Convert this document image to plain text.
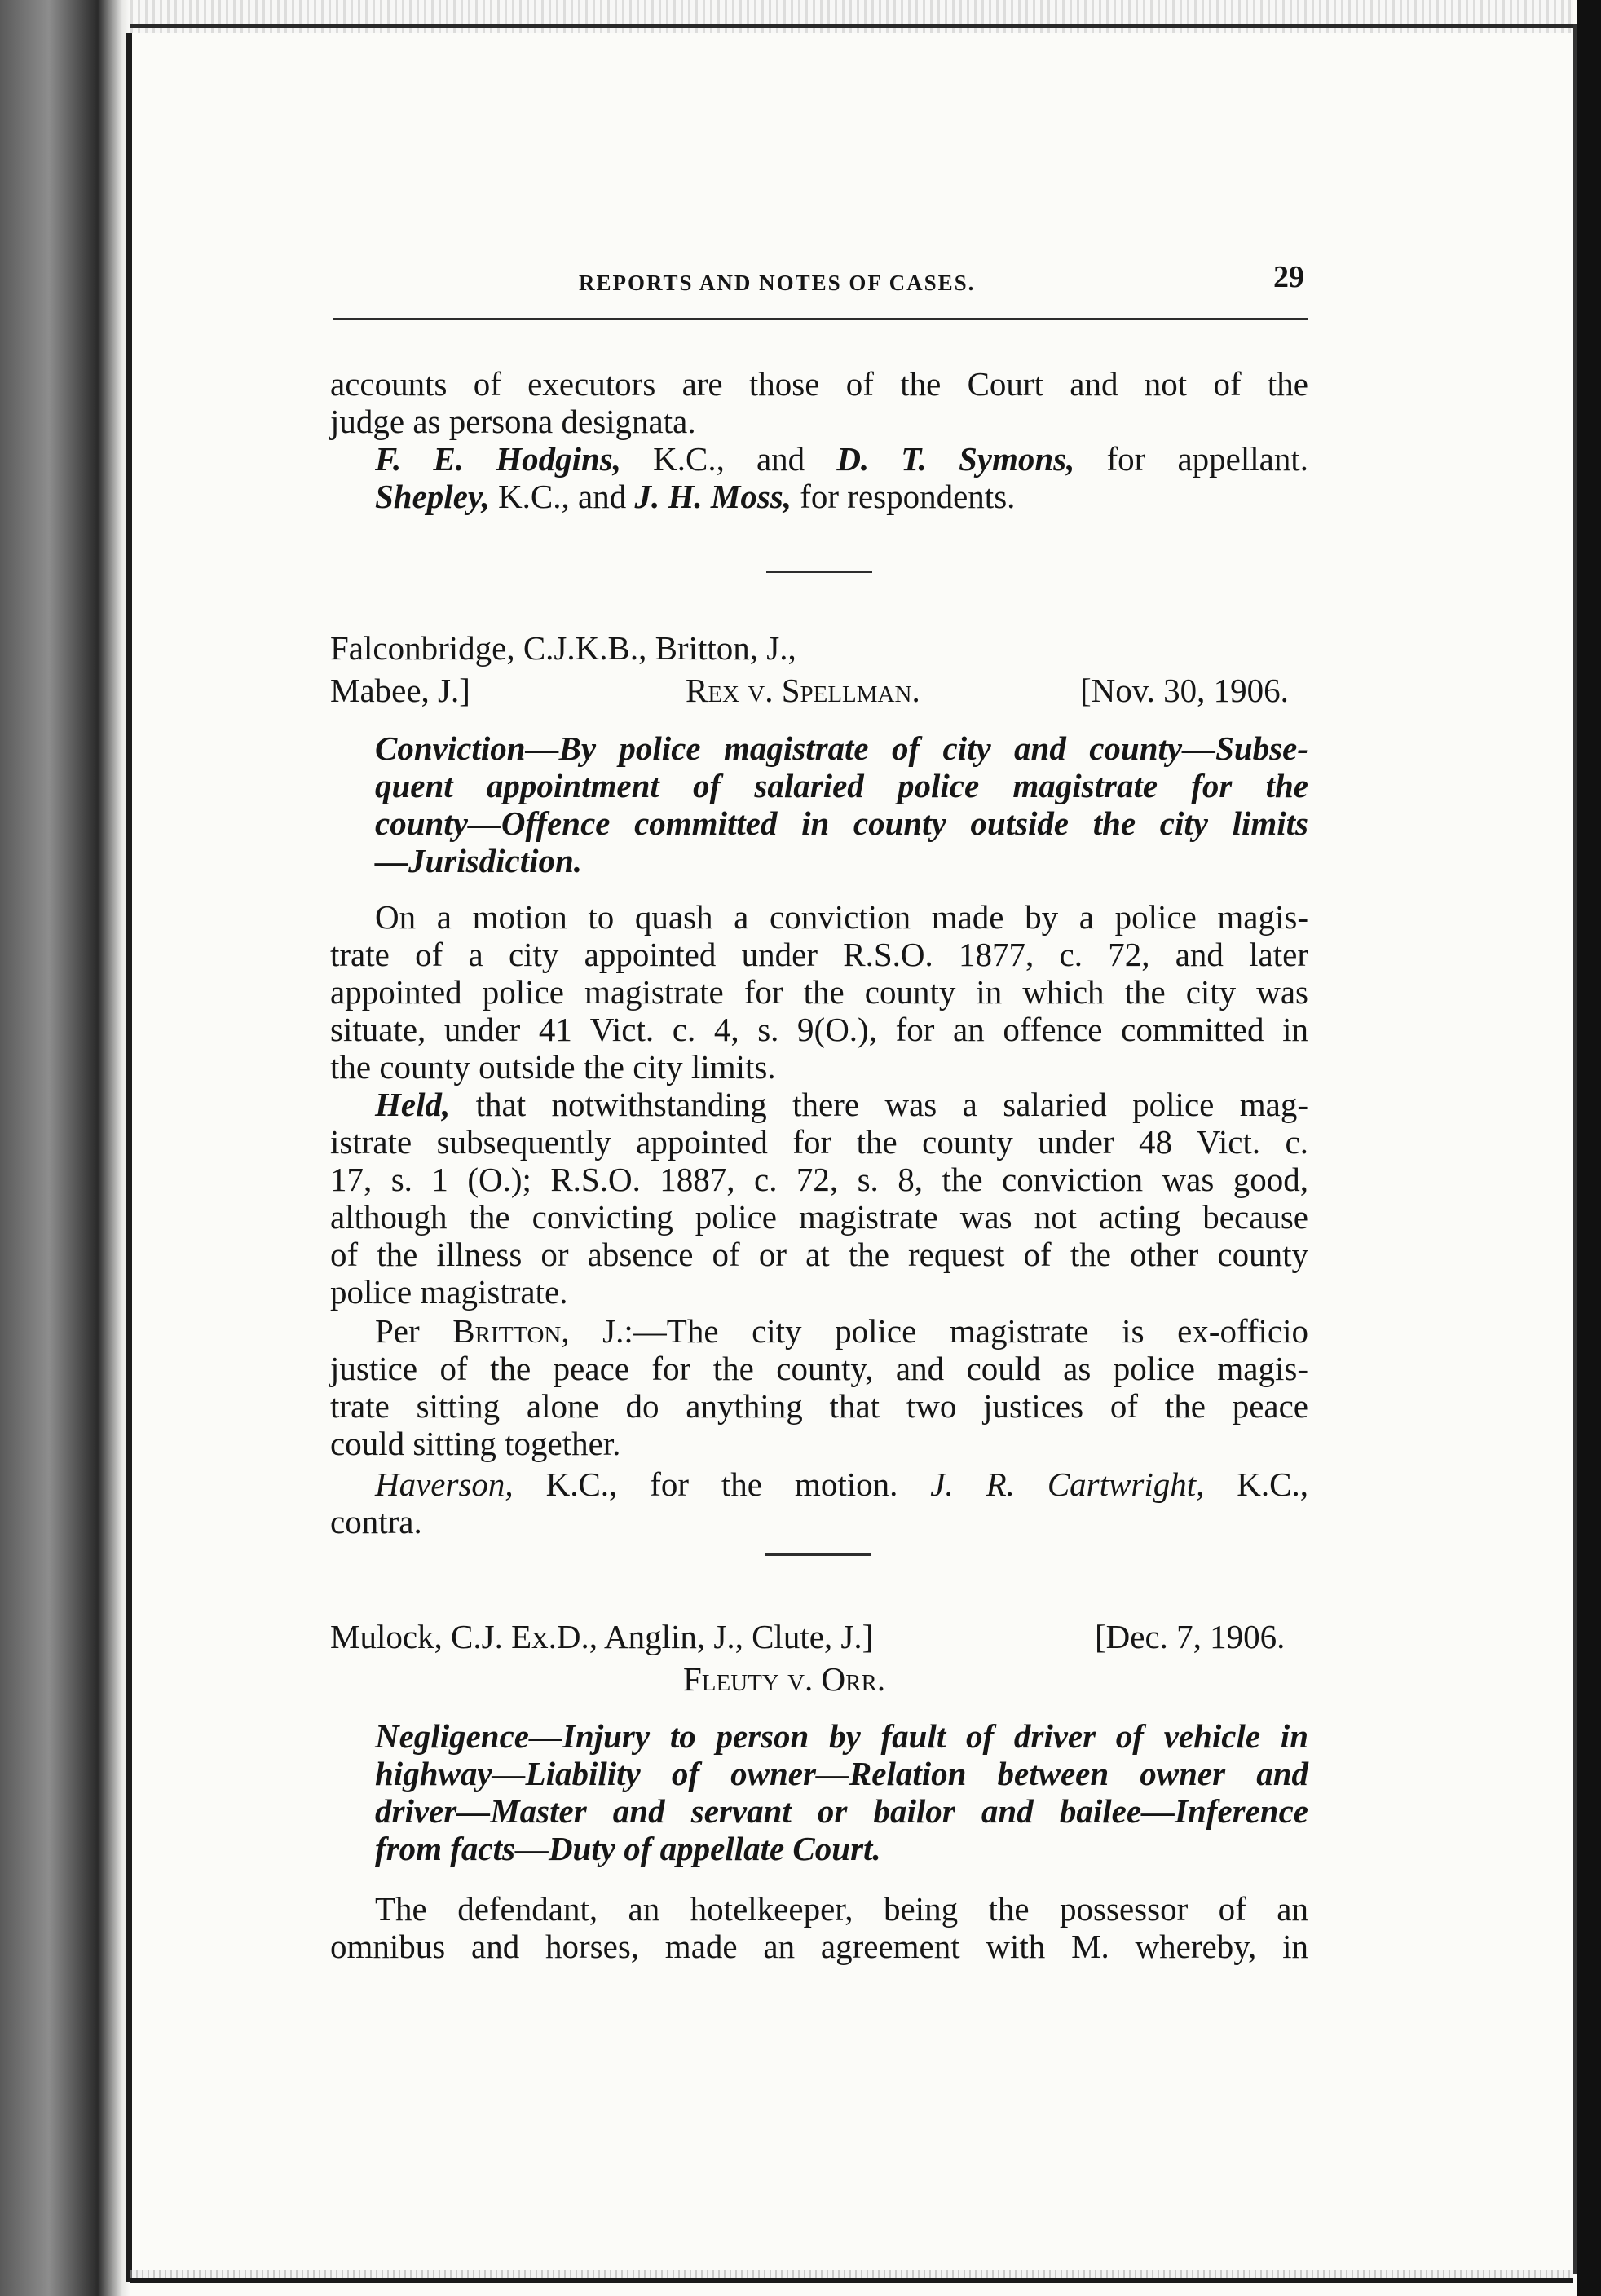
REPORTS AND NOTES OF CASES.	29
accounts of executors are those of the Court and not of the
judge as persona designata.
F. E. Hodgins, K.C., and D. T. Symons, for appellant.
Shepley, K.C., and J. H. Moss, for respondents.
Falconbridge, C.J.K.B., Britton, J.,
Mabee, J.]	Rex v. Spellman.	[Nov. 30, 1906.
Conviction—By police magistrate of city and county—Subse-
quent appointment of salaried police magistrate for the
county—Offence committed in county outside the city limits
—Jurisdiction.
On a motion to quash a conviction made by a police magis-
trate of a city appointed under R.S.O. 1877, c. 72, and later
appointed police magistrate for the county in which the city was
situate, under 41 Vict. c. 4, s. 9(O.), for an offence committed in
the county outside the city limits.
Held, that notwithstanding there was a salaried police mag-
istrate subsequently appointed for the county under 48 Vict. c.
17, s. 1 (O.); R.S.O. 1887, c. 72, s. 8, the conviction was good,
although the convicting police magistrate was not acting because
of the illness or absence of or at the request of the other county
police magistrate.
Per Britton, J.:—The city police magistrate is ex-officio
justice of the peace for the county, and could as police magis-
trate sitting alone do anything that two justices of the peace
could sitting together.
Haverson, K.C., for the motion. J. R. Cartwright, K.C.,
contra.
Mulock, C.J. Ex.D., Anglin, J., Clute, J.]	[Dec. 7, 1906.
Fleuty v. Orr.
Negligence—Injury to person by fault of driver of vehicle in
highway—Liability of owner—Relation between owner and
driver—Master and servant or bailor and bailee—Inference
from facts—Duty of appellate Court.
The defendant, an hotelkeeper, being the possessor of an
omnibus and horses, made an agreement with M. whereby, in
